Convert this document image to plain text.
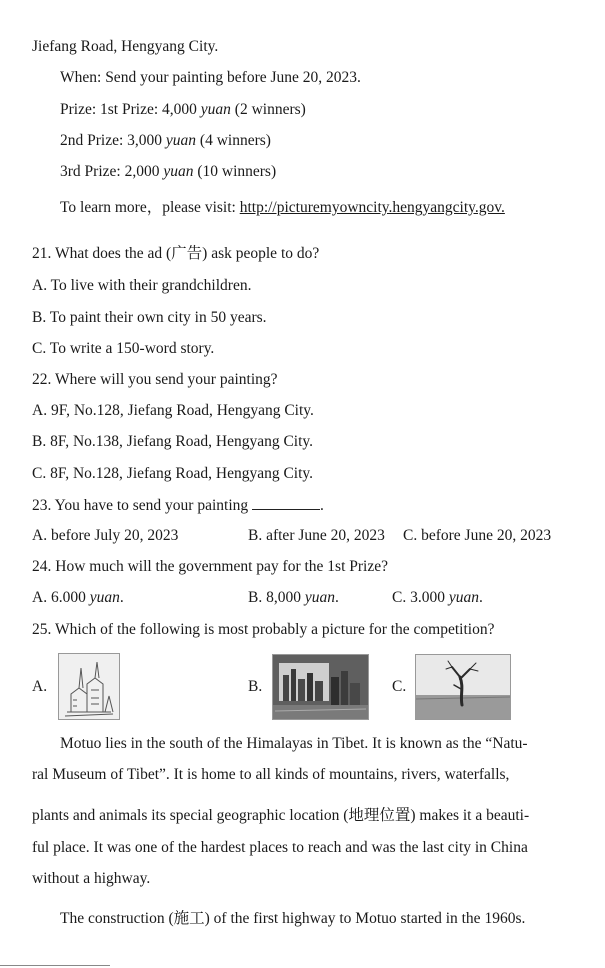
Jiefang Road, Hengyang City.
When: Send your painting before June 20, 2023.
Prize: 1st Prize: 4,000 yuan (2 winners)
2nd Prize: 3,000 yuan (4 winners)
3rd Prize: 2,000 yuan (10 winners)
To learn more，please visit: http://picturemyowncity.hengyangcity.gov.
21. What does the ad (广告) ask people to do?
A. To live with their grandchildren.
B. To paint their own city in 50 years.
C. To write a 150-word story.
22. Where will you send your painting?
A. 9F, No.128, Jiefang Road, Hengyang City.
B. 8F, No.138, Jiefang Road, Hengyang City.
C. 8F, No.128, Jiefang Road, Hengyang City.
23. You have to send your painting	.
A. before July 20, 2023	B. after June 20, 2023 C. before June 20, 2023
24. How much will the government pay for the 1st Prize?
A. 6.000 yuan.	B. 8,000 yuan.	C. 3.000 yuan.
25. Which of the following is most probably a picture for the competition?
A.	B.	C.
Motuo lies in the south of the Himalayas in Tibet. It is known as the “Natu-
ral Museum of Tibet”. It is home to all kinds of mountains, rivers, waterfalls,
plants and animals its special geographic location (地理位置) makes it a beauti-
ful place. It was one of the hardest places to reach and was the last city in China
without a highway.
The construction (施工) of the first highway to Motuo started in the 1960s.
